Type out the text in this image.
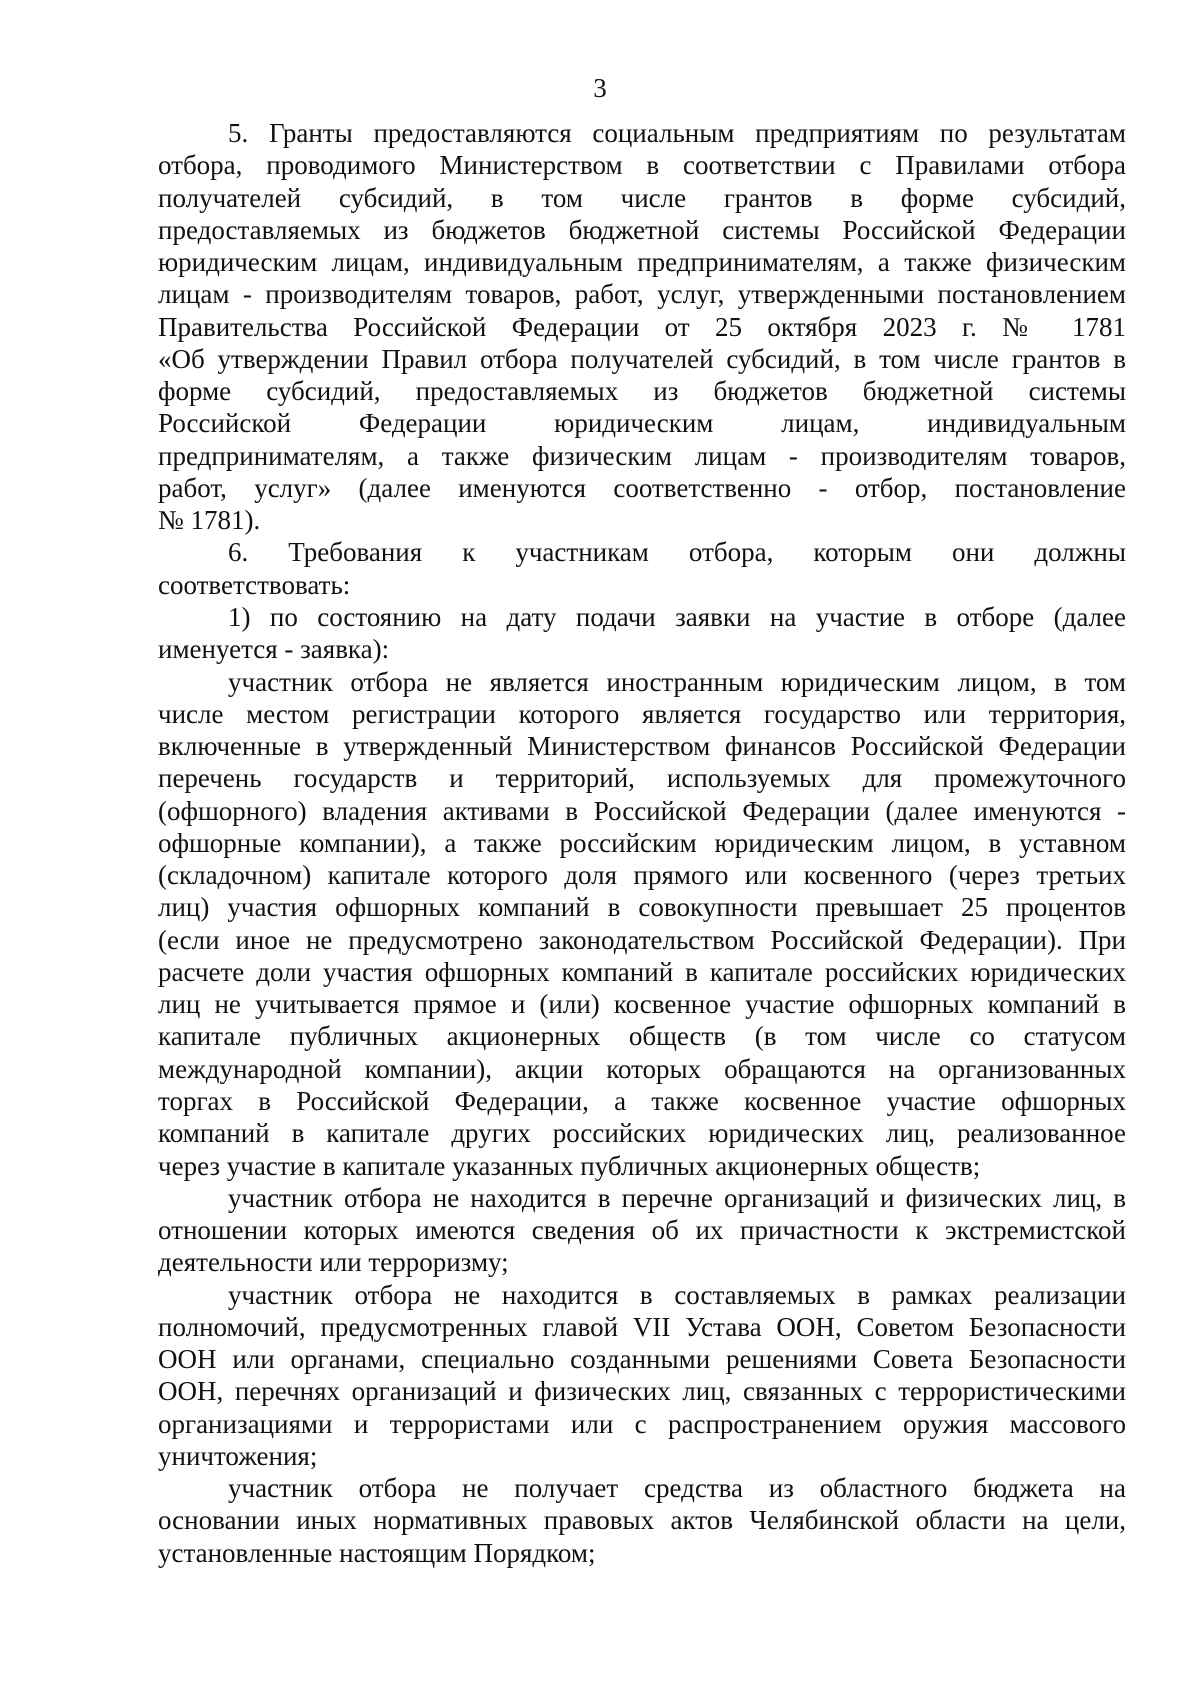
3
5. Гранты предоставляются социальным предприятиям по результатам
отбора, проводимого Министерством в соответствии с Правилами отбора
получателей субсидий, в том числе грантов в форме субсидий,
предоставляемых из бюджетов бюджетной системы Российской Федерации
юридическим лицам, индивидуальным предпринимателям, а также физическим
лицам - производителям товаров, работ, услуг, утвержденными постановлением
Правительства Российской Федерации от 25 октября 2023 г. № 1781
«Об утверждении Правил отбора получателей субсидий, в том числе грантов в
форме субсидий, предоставляемых из бюджетов бюджетной системы
Российской Федерации юридическим лицам, индивидуальным
предпринимателям, а также физическим лицам - производителям товаров,
работ, услуг» (далее именуются соответственно - отбор, постановление
№ 1781).
6. Требования к участникам отбора, которым они должны
соответствовать:
1) по состоянию на дату подачи заявки на участие в отборе (далее
именуется - заявка):
участник отбора не является иностранным юридическим лицом, в том
числе местом регистрации которого является государство или территория,
включенные в утвержденный Министерством финансов Российской Федерации
перечень государств и территорий, используемых для промежуточного
(офшорного) владения активами в Российской Федерации (далее именуются -
офшорные компании), а также российским юридическим лицом, в уставном
(складочном) капитале которого доля прямого или косвенного (через третьих
лиц) участия офшорных компаний в совокупности превышает 25 процентов
(если иное не предусмотрено законодательством Российской Федерации). При
расчете доли участия офшорных компаний в капитале российских юридических
лиц не учитывается прямое и (или) косвенное участие офшорных компаний в
капитале публичных акционерных обществ (в том числе со статусом
международной компании), акции которых обращаются на организованных
торгах в Российской Федерации, а также косвенное участие офшорных
компаний в капитале других российских юридических лиц, реализованное
через участие в капитале указанных публичных акционерных обществ;
участник отбора не находится в перечне организаций и физических лиц, в
отношении которых имеются сведения об их причастности к экстремистской
деятельности или терроризму;
участник отбора не находится в составляемых в рамках реализации
полномочий, предусмотренных главой VII Устава ООН, Советом Безопасности
ООН или органами, специально созданными решениями Совета Безопасности
ООН, перечнях организаций и физических лиц, связанных с террористическими
организациями и террористами или с распространением оружия массового
уничтожения;
участник отбора не получает средства из областного бюджета на
основании иных нормативных правовых актов Челябинской области на цели,
установленные настоящим Порядком;
